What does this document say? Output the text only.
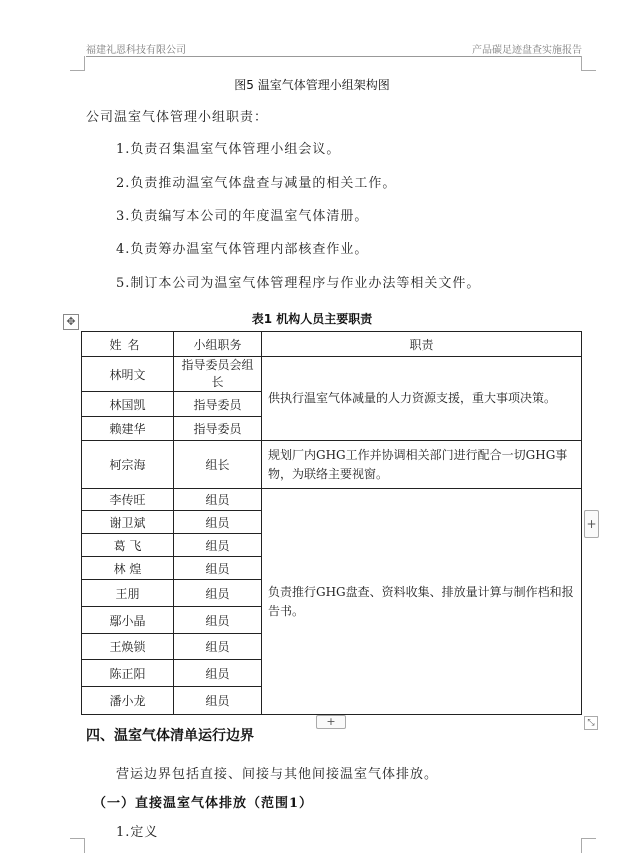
福建礼恩科技有限公司	产品碳足迹盘查实施报告
图5 温室气体管理小组架构图
公司温室气体管理小组职责：
1.负责召集温室气体管理小组会议。
2.负责推动温室气体盘查与减量的相关工作。
3.负责编写本公司的年度温室气体清册。
4.负责筹办温室气体管理内部核查作业。
5.制订本公司为温室气体管理程序与作业办法等相关文件。
表1 机构人员主要职责
✥
姓名	小组职务	职责
林明文	指导委员会组长	供执行温室气体减量的人力资源支援，重大事项决策。
林国凯	指导委员	
赖建华	指导委员	
柯宗海	组长	规划厂内GHG工作并协调相关部门进行配合一切GHG事物，为联络主要视窗。
李传旺	组员	负责推行GHG盘查、资料收集、排放量计算与制作档和报告书。
谢卫斌	组员	
葛 飞	组员	
林 煌	组员	
王朋	组员	
鄢小晶	组员	
王焕锁	组员	
陈正阳	组员	
潘小龙	组员	
+
+	⤡
四、温室气体清单运行边界
营运边界包括直接、间接与其他间接温室气体排放。
（一）直接温室气体排放（范围1）
1.定义
